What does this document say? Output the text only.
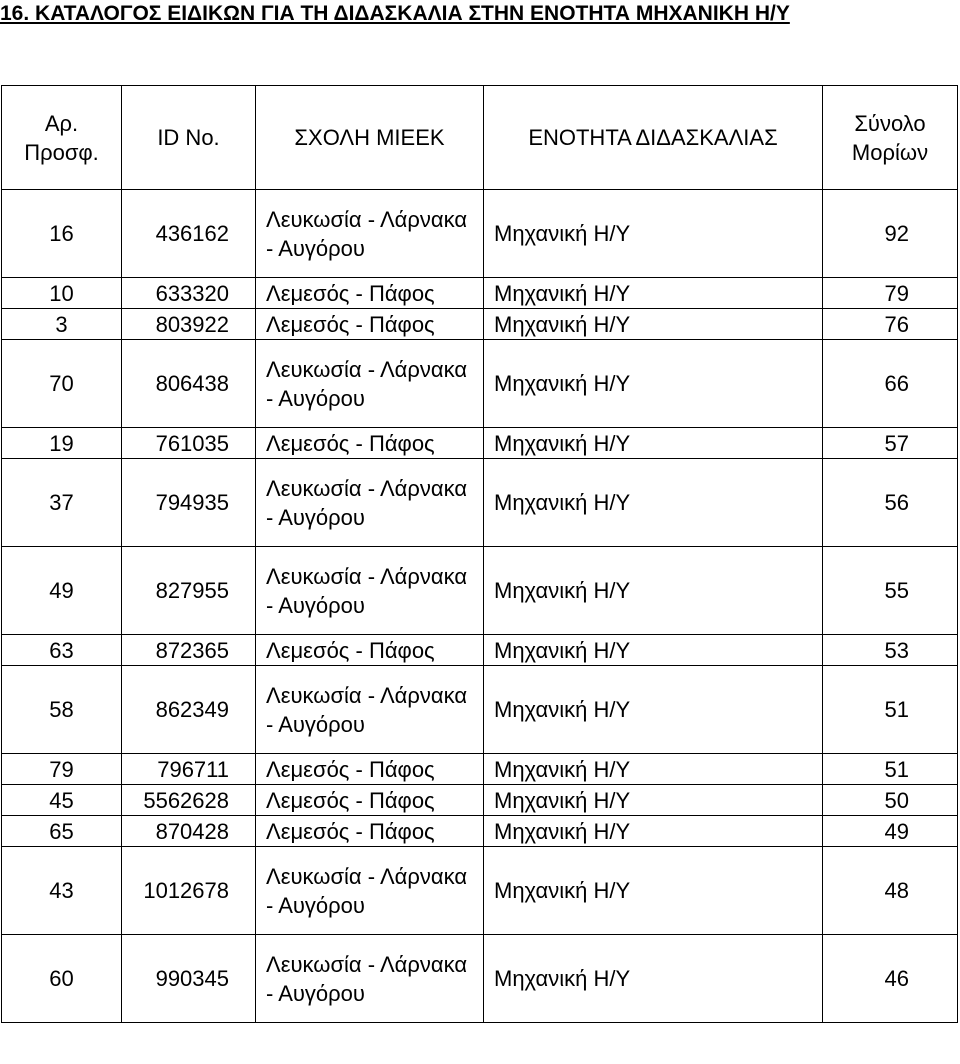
16. ΚΑΤΑΛΟΓΟΣ ΕΙΔΙΚΩΝ ΓΙΑ ΤΗ ΔΙΔΑΣΚΑΛΙΑ ΣΤΗΝ ΕΝΟΤΗΤΑ ΜΗΧΑΝΙΚΗ Η/Υ
Αρ. Προσφ.	ID No.	ΣΧΟΛΗ ΜΙΕΕΚ	ΕΝΟΤΗΤΑ ΔΙΔΑΣΚΑΛΙΑΣ	Σύνολο Μορίων
16	436162	Λευκωσία - Λάρνακα - Αυγόρου	Μηχανική Η/Υ	92
10	633320	Λεμεσός - Πάφος	Μηχανική Η/Υ	79
3	803922	Λεμεσός - Πάφος	Μηχανική Η/Υ	76
70	806438	Λευκωσία - Λάρνακα - Αυγόρου	Μηχανική Η/Υ	66
19	761035	Λεμεσός - Πάφος	Μηχανική Η/Υ	57
37	794935	Λευκωσία - Λάρνακα - Αυγόρου	Μηχανική Η/Υ	56
49	827955	Λευκωσία - Λάρνακα - Αυγόρου	Μηχανική Η/Υ	55
63	872365	Λεμεσός - Πάφος	Μηχανική Η/Υ	53
58	862349	Λευκωσία - Λάρνακα - Αυγόρου	Μηχανική Η/Υ	51
79	796711	Λεμεσός - Πάφος	Μηχανική Η/Υ	51
45	5562628	Λεμεσός - Πάφος	Μηχανική Η/Υ	50
65	870428	Λεμεσός - Πάφος	Μηχανική Η/Υ	49
43	1012678	Λευκωσία - Λάρνακα - Αυγόρου	Μηχανική Η/Υ	48
60	990345	Λευκωσία - Λάρνακα - Αυγόρου	Μηχανική Η/Υ	46
